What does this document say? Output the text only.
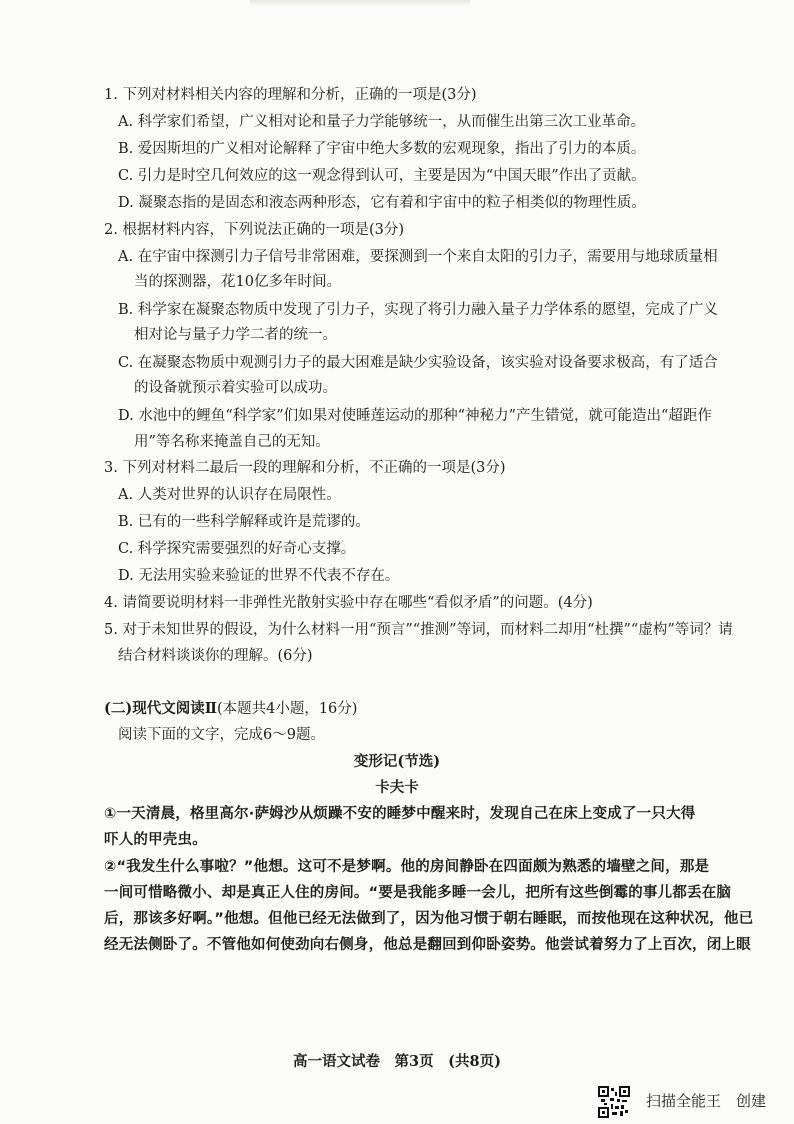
1. 下列对材料相关内容的理解和分析，正确的一项是(3分)
A. 科学家们希望，广义相对论和量子力学能够统一，从而催生出第三次工业革命。
B. 爱因斯坦的广义相对论解释了宇宙中绝大多数的宏观现象，指出了引力的本质。
C. 引力是时空几何效应的这一观念得到认可，主要是因为“中国天眼”作出了贡献。
D. 凝聚态指的是固态和液态两种形态，它有着和宇宙中的粒子相类似的物理性质。
2. 根据材料内容，下列说法正确的一项是(3分)
A. 在宇宙中探测引力子信号非常困难，要探测到一个来自太阳的引力子，需要用与地球质量相
当的探测器，花10亿多年时间。
B. 科学家在凝聚态物质中发现了引力子，实现了将引力融入量子力学体系的愿望，完成了广义
相对论与量子力学二者的统一。
C. 在凝聚态物质中观测引力子的最大困难是缺少实验设备，该实验对设备要求极高，有了适合
的设备就预示着实验可以成功。
D. 水池中的鲤鱼“科学家”们如果对使睡莲运动的那种“神秘力”产生错觉，就可能造出“超距作
用”等名称来掩盖自己的无知。
3. 下列对材料二最后一段的理解和分析，不正确的一项是(3分)
A. 人类对世界的认识存在局限性。
B. 已有的一些科学解释或许是荒谬的。
C. 科学探究需要强烈的好奇心支撑。
D. 无法用实验来验证的世界不代表不存在。
4. 请简要说明材料一非弹性光散射实验中存在哪些“看似矛盾”的问题。(4分)
5. 对于未知世界的假设，为什么材料一用“预言”“推测”等词，而材料二却用“杜撰”“虚构”等词？请
结合材料谈谈你的理解。(6分)
(二)现代文阅读Ⅱ(本题共4小题，16分)
阅读下面的文字，完成6～9题。
变形记(节选)
卡夫卡
①一天清晨，格里高尔·萨姆沙从烦躁不安的睡梦中醒来时，发现自己在床上变成了一只大得
吓人的甲壳虫。
②“我发生什么事啦？”他想。这可不是梦啊。他的房间静卧在四面颇为熟悉的墙壁之间，那是
一间可惜略微小、却是真正人住的房间。“要是我能多睡一会儿，把所有这些倒霉的事儿都丢在脑
后，那该多好啊。”他想。但他已经无法做到了，因为他习惯于朝右睡眠，而按他现在这种状况，他已
经无法侧卧了。不管他如何使劲向右侧身，他总是翻回到仰卧姿势。他尝试着努力了上百次，闭上眼
高一语文试卷　第3页　(共8页)
扫描全能王　创建
